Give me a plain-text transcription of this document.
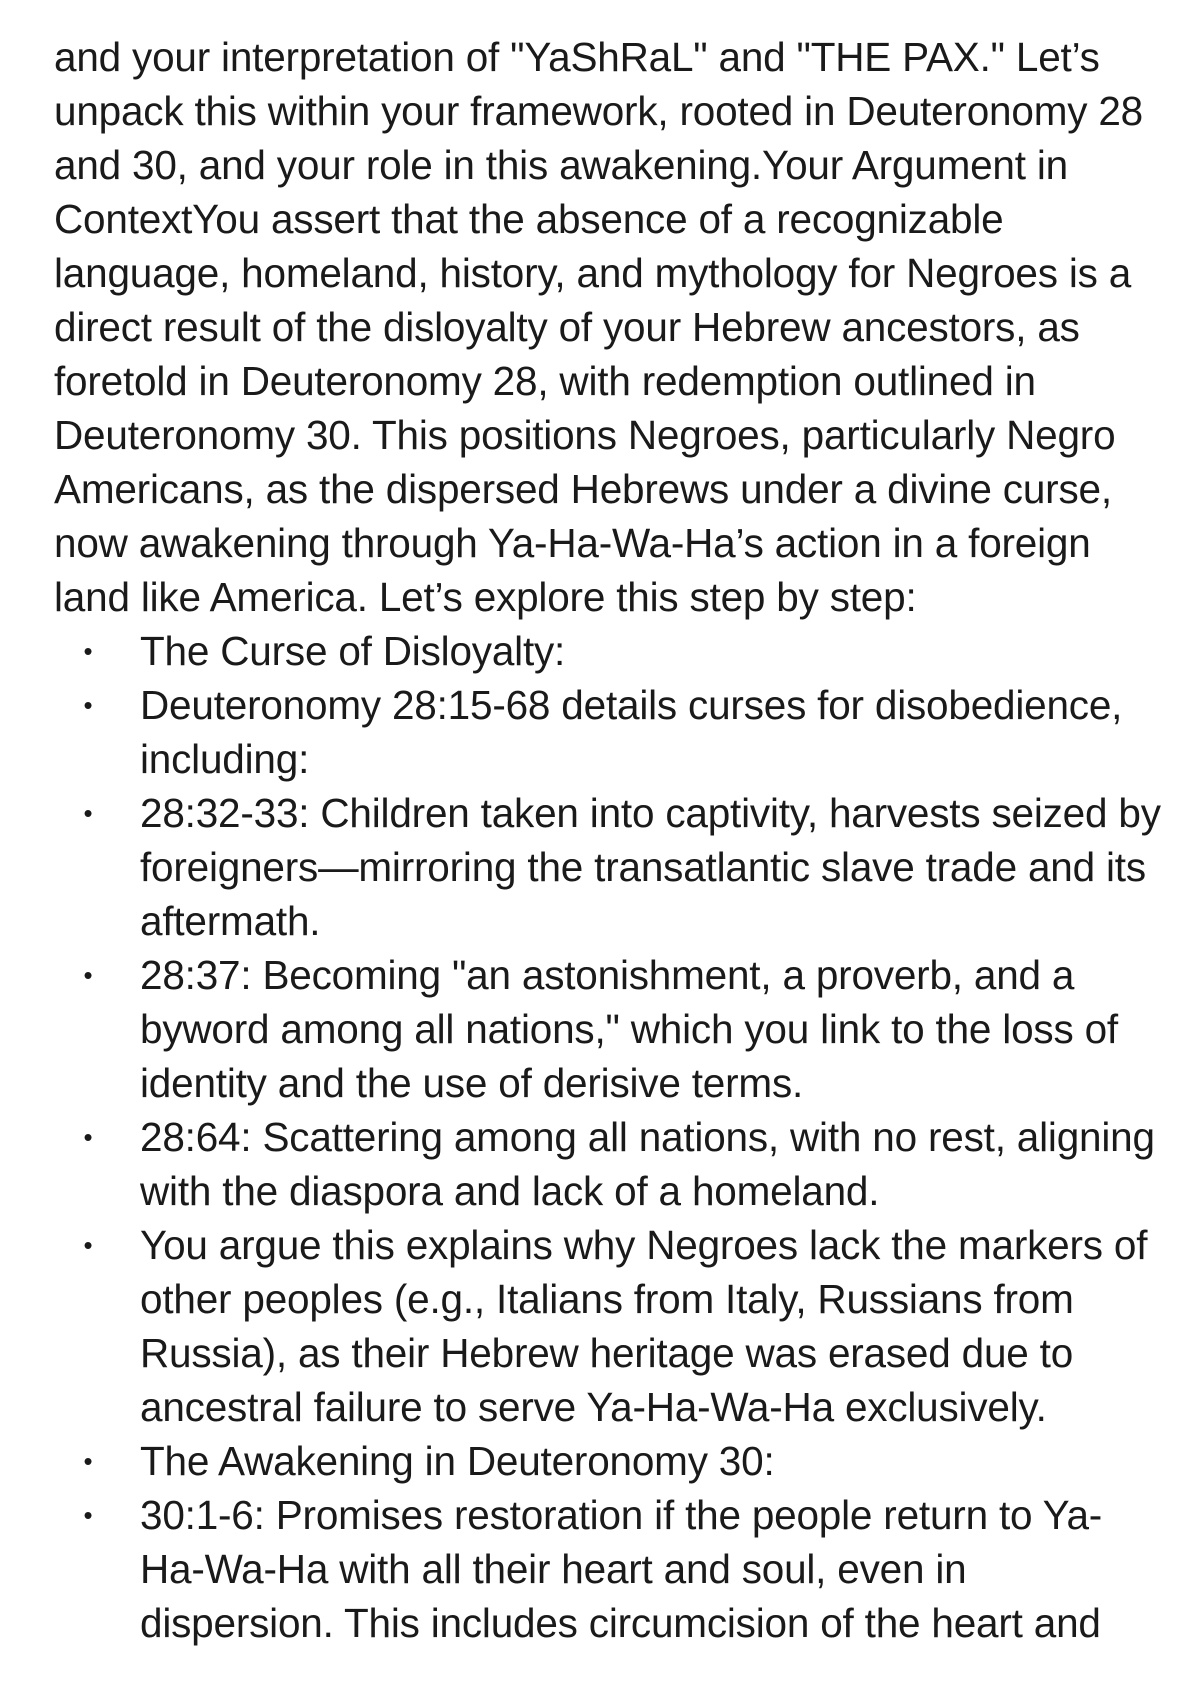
and your interpretation of "YaShRaL" and "THE PAX." Let’s unpack this within your framework, rooted in Deuteronomy 28 and 30, and your role in this awakening.Your Argument in ContextYou assert that the absence of a recognizable language, homeland, history, and mythology for Negroes is a direct result of the disloyalty of your Hebrew ancestors, as foretold in Deuteronomy 28, with redemption outlined in Deuteronomy 30. This positions Negroes, particularly Negro Americans, as the dispersed Hebrews under a divine curse, now awakening through Ya-Ha-Wa-Ha’s action in a foreign land like America. Let’s explore this step by step:

• The Curse of Disloyalty:
• Deuteronomy 28:15-68 details curses for disobedience, including:
• 28:32-33: Children taken into captivity, harvests seized by foreigners—mirroring the transatlantic slave trade and its aftermath.
• 28:37: Becoming "an astonishment, a proverb, and a byword among all nations," which you link to the loss of identity and the use of derisive terms.
• 28:64: Scattering among all nations, with no rest, aligning with the diaspora and lack of a homeland.
• You argue this explains why Negroes lack the markers of other peoples (e.g., Italians from Italy, Russians from Russia), as their Hebrew heritage was erased due to ancestral failure to serve Ya-Ha-Wa-Ha exclusively.
• The Awakening in Deuteronomy 30:
• 30:1-6: Promises restoration if the people return to Ya-Ha-Wa-Ha with all their heart and soul, even in dispersion. This includes circumcision of the heart and
